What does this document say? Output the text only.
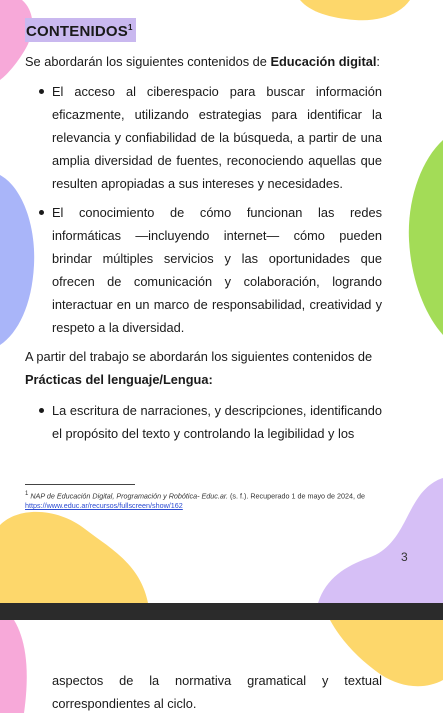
CONTENIDOS$^1$

Se abordarán los siguientes contenidos de Educación digital:

El acceso al ciberespacio para buscar información eficazmente, utilizando estrategias para identificar la relevancia y confiabilidad de la búsqueda, a partir de una amplia diversidad de fuentes, reconociendo aquellas que resulten apropiadas a sus intereses y necesidades.
El conocimiento de cómo funcionan las redes informáticas —incluyendo internet— cómo pueden brindar múltiples servicios y las oportunidades que ofrecen de comunicación y colaboración, logrando interactuar en un marco de responsabilidad, creatividad y respeto a la diversidad.

A partir del trabajo se abordarán los siguientes contenidos de
Prácticas del lenguaje/Lengua:

La escritura de narraciones, y descripciones, identificando el propósito del texto y controlando la legibilidad y los

$^1$ NAP de Educación Digital, Programación y Robótica- Educ.ar. (s. f.). Recuperado 1 de mayo de 2024, de https://www.educ.ar/recursos/fullscreen/show/162

3

aspectos de la normativa gramatical y textual
correspondientes al ciclo.
